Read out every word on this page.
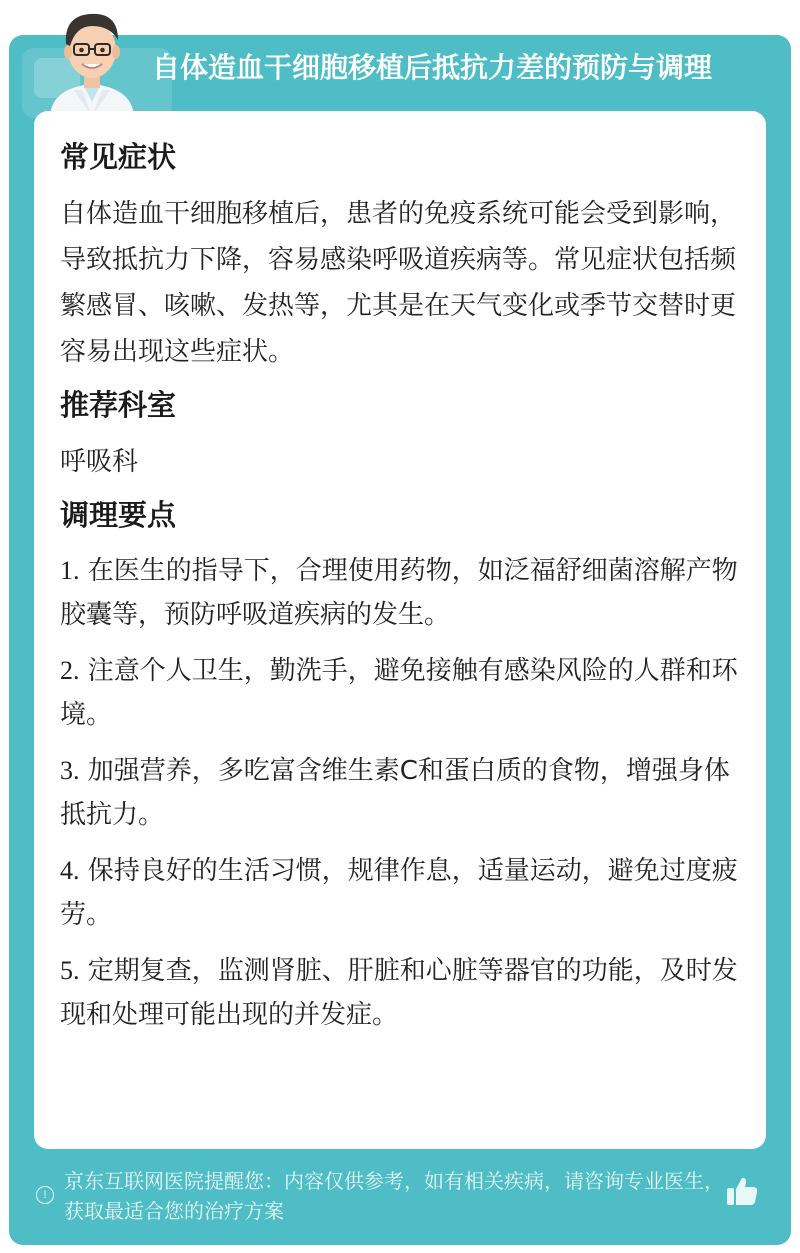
自体造血干细胞移植后抵抗力差的预防与调理
常见症状

自体造血干细胞移植后，患者的免疫系统可能会受到影响，导致抵抗力下降，容易感染呼吸道疾病等。常见症状包括频繁感冒、咳嗽、发热等，尤其是在天气变化或季节交替时更容易出现这些症状。

推荐科室

呼吸科

调理要点
1. 在医生的指导下，合理使用药物，如泛福舒细菌溶解产物胶囊等，预防呼吸道疾病的发生。
2. 注意个人卫生，勤洗手，避免接触有感染风险的人群和环境。
3. 加强营养，多吃富含维生素C和蛋白质的食物，增强身体抵抗力。
4. 保持良好的生活习惯，规律作息，适量运动，避免过度疲劳。
5. 定期复查，监测肾脏、肝脏和心脏等器官的功能，及时发现和处理可能出现的并发症。
!
京东互联网医院提醒您：内容仅供参考，如有相关疾病，请咨询专业医生，获取最适合您的治疗方案
